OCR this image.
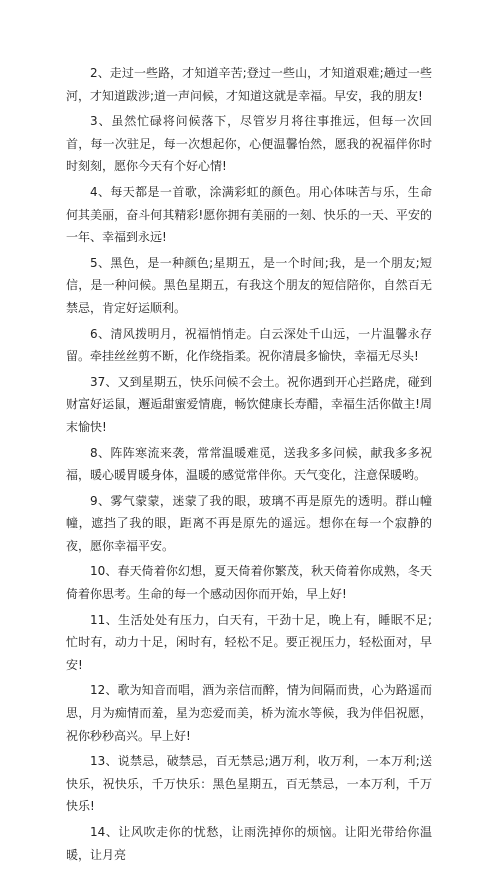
2、走过一些路，才知道辛苦;登过一些山，才知道艰难;趟过一些河，才知道跋涉;道一声问候，才知道这就是幸福。早安，我的朋友!

3、虽然忙碌将问候落下，尽管岁月将往事推远，但每一次回首，每一次驻足，每一次想起你，心便温馨怡然，愿我的祝福伴你时时刻刻，愿你今天有个好心情!

4、每天都是一首歌，涂满彩虹的颜色。用心体味苦与乐，生命何其美丽，奋斗何其精彩!愿你拥有美丽的一刻、快乐的一天、平安的一年、幸福到永远!

5、黑色，是一种颜色;星期五，是一个时间;我，是一个朋友;短信，是一种问候。黑色星期五，有我这个朋友的短信陪你，自然百无禁忌，肯定好运顺利。

6、清风拨明月，祝福悄悄走。白云深处千山远，一片温馨永存留。牵挂丝丝剪不断，化作绕指柔。祝你清晨多愉快，幸福无尽头!

37、又到星期五，快乐问候不会土。祝你遇到开心拦路虎，碰到财富好运鼠，邂逅甜蜜爱情鹿，畅饮健康长寿醋，幸福生活你做主!周末愉快!

8、阵阵寒流来袭，常常温暖难觅，送我多多问候，献我多多祝福，暖心暖胃暖身体，温暖的感觉常伴你。天气变化，注意保暖哟。

9、雾气蒙蒙，迷蒙了我的眼，玻璃不再是原先的透明。群山幢幢，遮挡了我的眼，距离不再是原先的遥远。想你在每一个寂静的夜，愿你幸福平安。

10、春天倚着你幻想，夏天倚着你繁茂，秋天倚着你成熟，冬天倚着你思考。生命的每一个感动因你而开始，早上好!

11、生活处处有压力，白天有，干劲十足，晚上有，睡眠不足;忙时有，动力十足，闲时有，轻松不足。要正视压力，轻松面对，早安!

12、歌为知音而唱，酒为亲信而醉，情为间隔而贵，心为路遥而思，月为痴情而羞，星为恋爱而美，桥为流水等候，我为伴侣祝愿，祝你秒秒高兴。早上好!

13、说禁忌，破禁忌，百无禁忌;遇万利，收万利，一本万利;送快乐，祝快乐，千万快乐：黑色星期五，百无禁忌，一本万利，千万快乐!

14、让风吹走你的忧愁，让雨洗掉你的烦恼。让阳光带给你温暖，让月亮
